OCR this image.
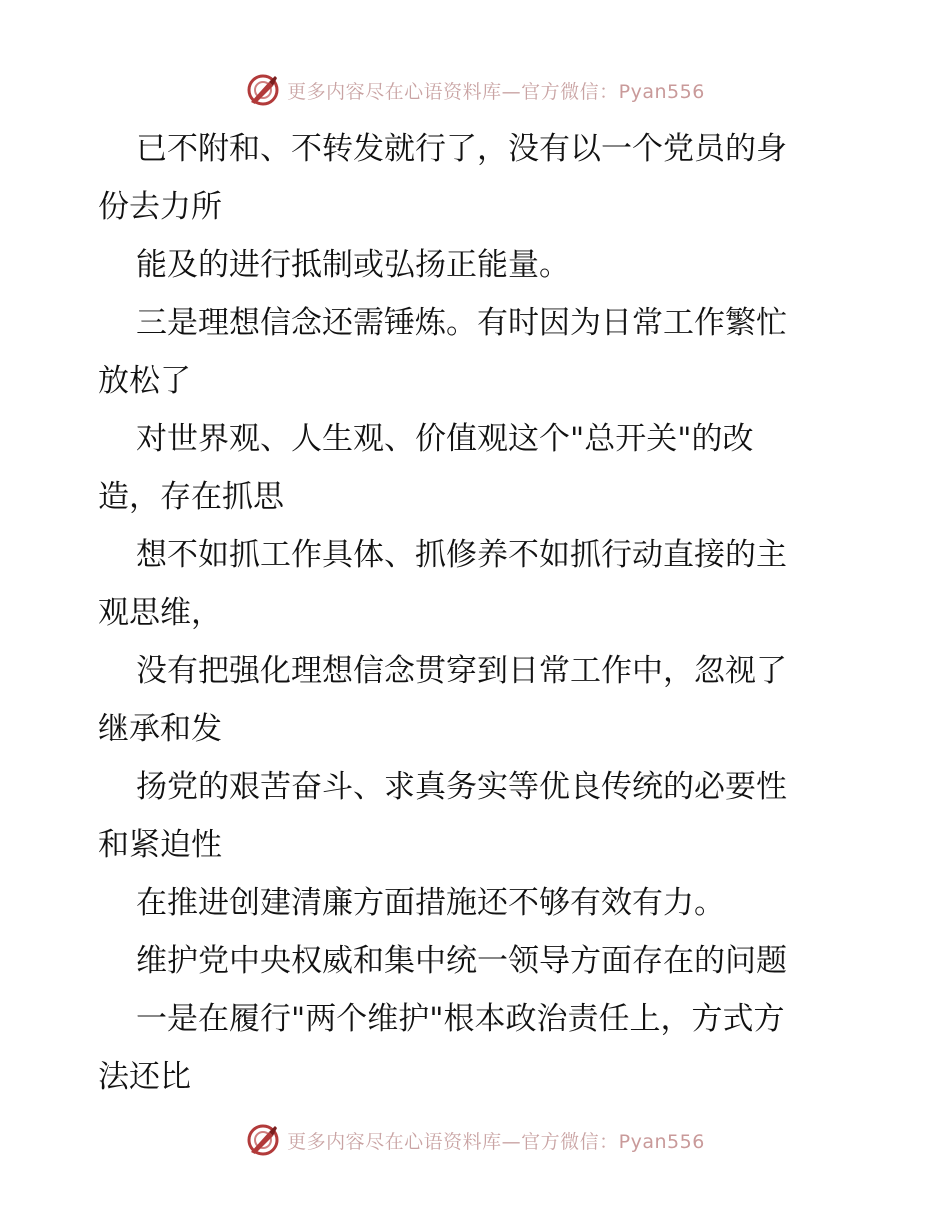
更多内容尽在心语资料库—官方微信：Pyan556
已不附和、不转发就行了，没有以一个党员的身
份去力所
能及的进行抵制或弘扬正能量。
三是理想信念还需锤炼。有时因为日常工作繁忙
放松了
对世界观、人生观、价值观这个"总开关"的改
造，存在抓思
想不如抓工作具体、抓修养不如抓行动直接的主
观思维，
没有把强化理想信念贯穿到日常工作中，忽视了
继承和发
扬党的艰苦奋斗、求真务实等优良传统的必要性
和紧迫性
在推进创建清廉方面措施还不够有效有力。
维护党中央权威和集中统一领导方面存在的问题
一是在履行"两个维护"根本政治责任上，方式方
法还比
更多内容尽在心语资料库—官方微信：Pyan556
